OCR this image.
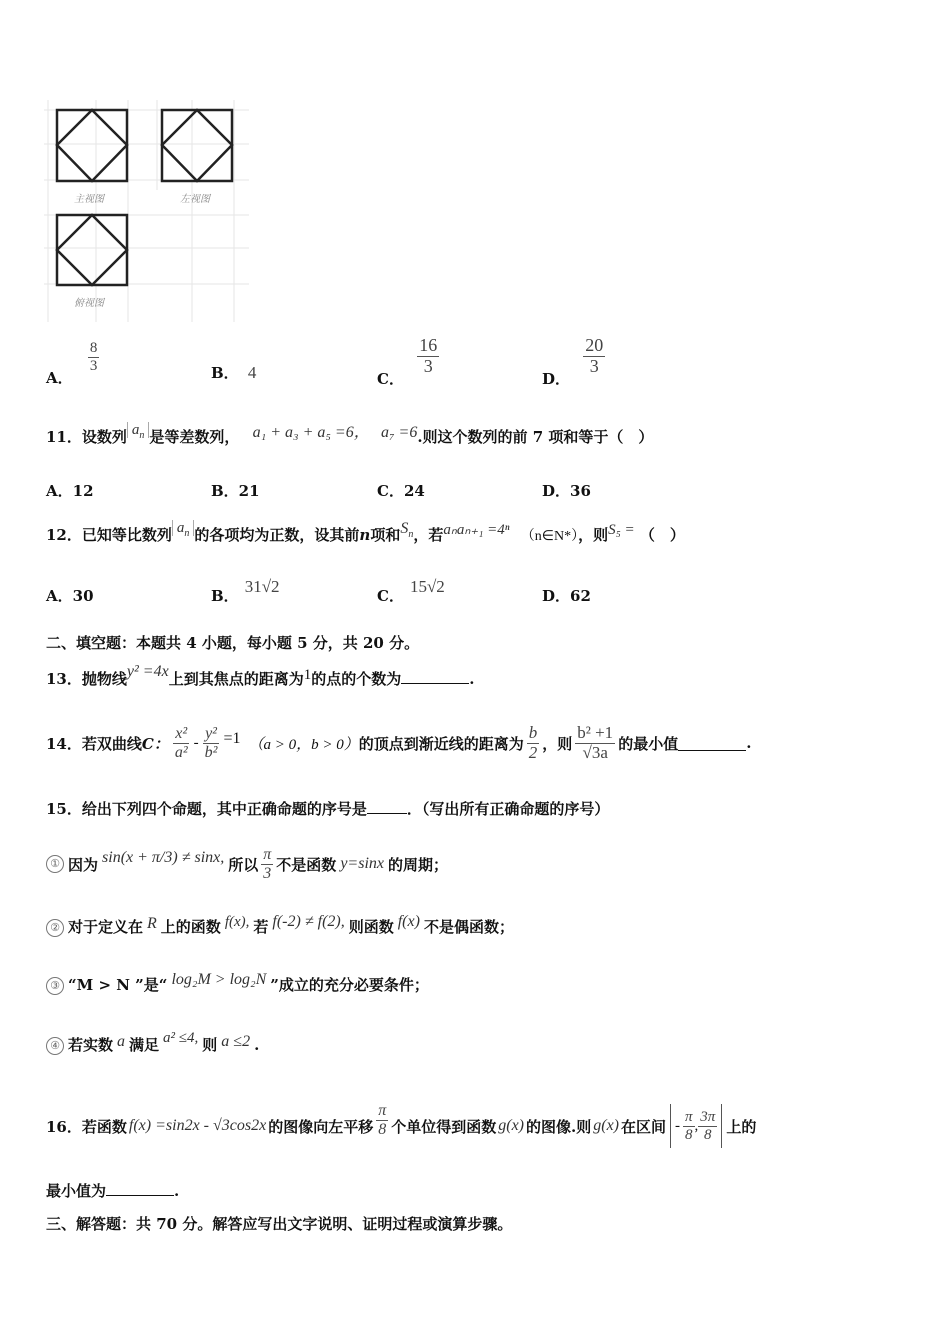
主视图	左视图
俯视图
A．
$\frac{8}{3}$	B． 4	C．
$\frac{16}{3}$
D．
$\frac{20}{3}$
11．设数列 $a_n$ 是等差数列， a₁ + a₃ + a₅ =6， a₇ =6.则这个数列的前 7 项和等于（　）
A．12	B．21	C．24	D．36
12．已知等比数列 $a_n$ 的各项均为正数，设其前n项和$S_n$，若aₙaₙ₊₁ =4ⁿ （n∈N*），则S₅ = （　）
A．30	B． 31√2	C． 15√2	D．62
二、填空题：本题共 4 小题，每小题 5 分，共 20 分。
13．抛物线y² =4x上到其焦点的距离为1的点的个数为	.
14． 若双曲线 C： $\frac{\text{x²}}{\text{a²}} - \frac{\text{y²}}{\text{b²}} =1$ （a > 0，b > 0） 的顶点到渐近线的距离为 $\frac{b}{2}$ ，则 $\frac{\text{b² +1}}{√3a}$ 的最小值	.
15．给出下列四个命题，其中正确命题的序号是	．（写出所有正确命题的序号）
① 因为 sin(x + π/3) ≠ sinx, 所以 $\frac{\pi}{3}$ 不是函数 y=sinx 的周期；
② 对于定义在 R 上的函数 f(x), 若 f(-2) ≠ f(2), 则函数 f(x) 不是偶函数；
③ “M > N ”是“ log₂M > log₂N ”成立的充分必要条件；
④ 若实数 a 满足 a² ≤4, 则 a ≤2 .
16． 若函数 f(x) =sin2x - √3cos2x 的图像向左平移 $\frac{\pi}{8}$ 个单位得到函数 g(x) 的图像.则 g(x) 在区间 - $\frac{\pi}{8}$ , $\frac{3\pi}{8}$ 上的
最小值为	.
三、解答题：共 70 分。解答应写出文字说明、证明过程或演算步骤。
